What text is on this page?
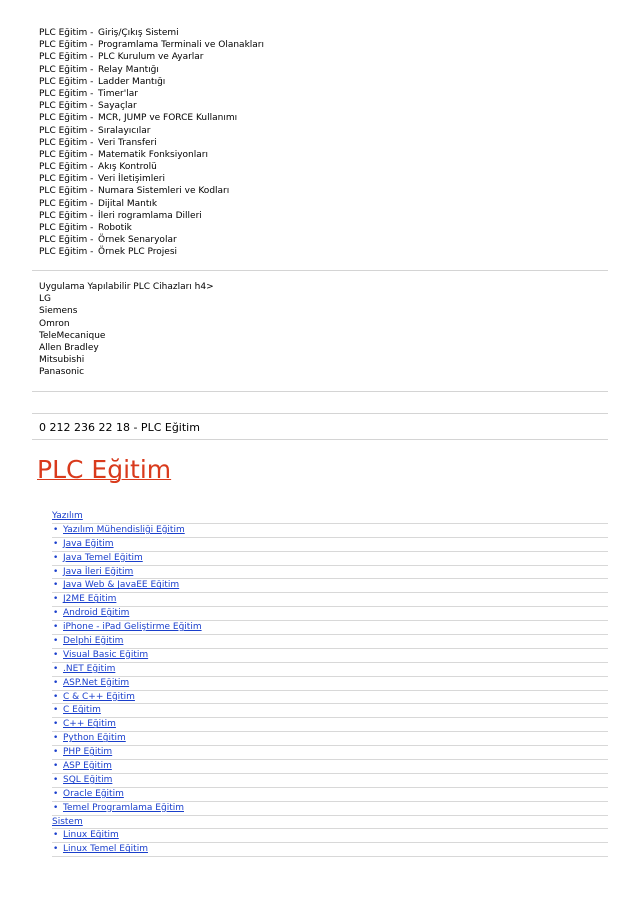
PLC Eğitim - Giriş/Çıkış Sistemi
PLC Eğitim - Programlama Terminali ve Olanakları
PLC Eğitim - PLC Kurulum ve Ayarlar
PLC Eğitim - Relay Mantığı
PLC Eğitim - Ladder Mantığı
PLC Eğitim - Timer'lar
PLC Eğitim - Sayaçlar
PLC Eğitim - MCR, JUMP ve FORCE Kullanımı
PLC Eğitim - Sıralayıcılar
PLC Eğitim - Veri Transferi
PLC Eğitim - Matematik Fonksiyonları
PLC Eğitim - Akış Kontrolü
PLC Eğitim - Veri İletişimleri
PLC Eğitim - Numara Sistemleri ve Kodları
PLC Eğitim - Dijital Mantık
PLC Eğitim - İleri rogramlama Dilleri
PLC Eğitim - Robotik
PLC Eğitim - Örnek Senaryolar
PLC Eğitim - Örnek PLC Projesi
Uygulama Yapılabilir PLC Cihazları h4>
LG
Siemens
Omron
TeleMecanique
Allen Bradley
Mitsubishi
Panasonic
0 212 236 22 18 - PLC Eğitim
PLC Eğitim
Yazılım
• Yazılım Mühendisliği Eğitim
• Java Eğitim
• Java Temel Eğitim
• Java İleri Eğitim
• Java Web & JavaEE Eğitim
• J2ME Eğitim
• Android Eğitim
• iPhone - iPad Geliştirme Eğitim
• Delphi Eğitim
• Visual Basic Eğitim
• .NET Eğitim
• ASP.Net Eğitim
• C & C++ Eğitim
• C Eğitim
• C++ Eğitim
• Python Eğitim
• PHP Eğitim
• ASP Eğitim
• SQL Eğitim
• Oracle Eğitim
• Temel Programlama Eğitim
Sistem
• Linux Eğitim
• Linux Temel Eğitim
